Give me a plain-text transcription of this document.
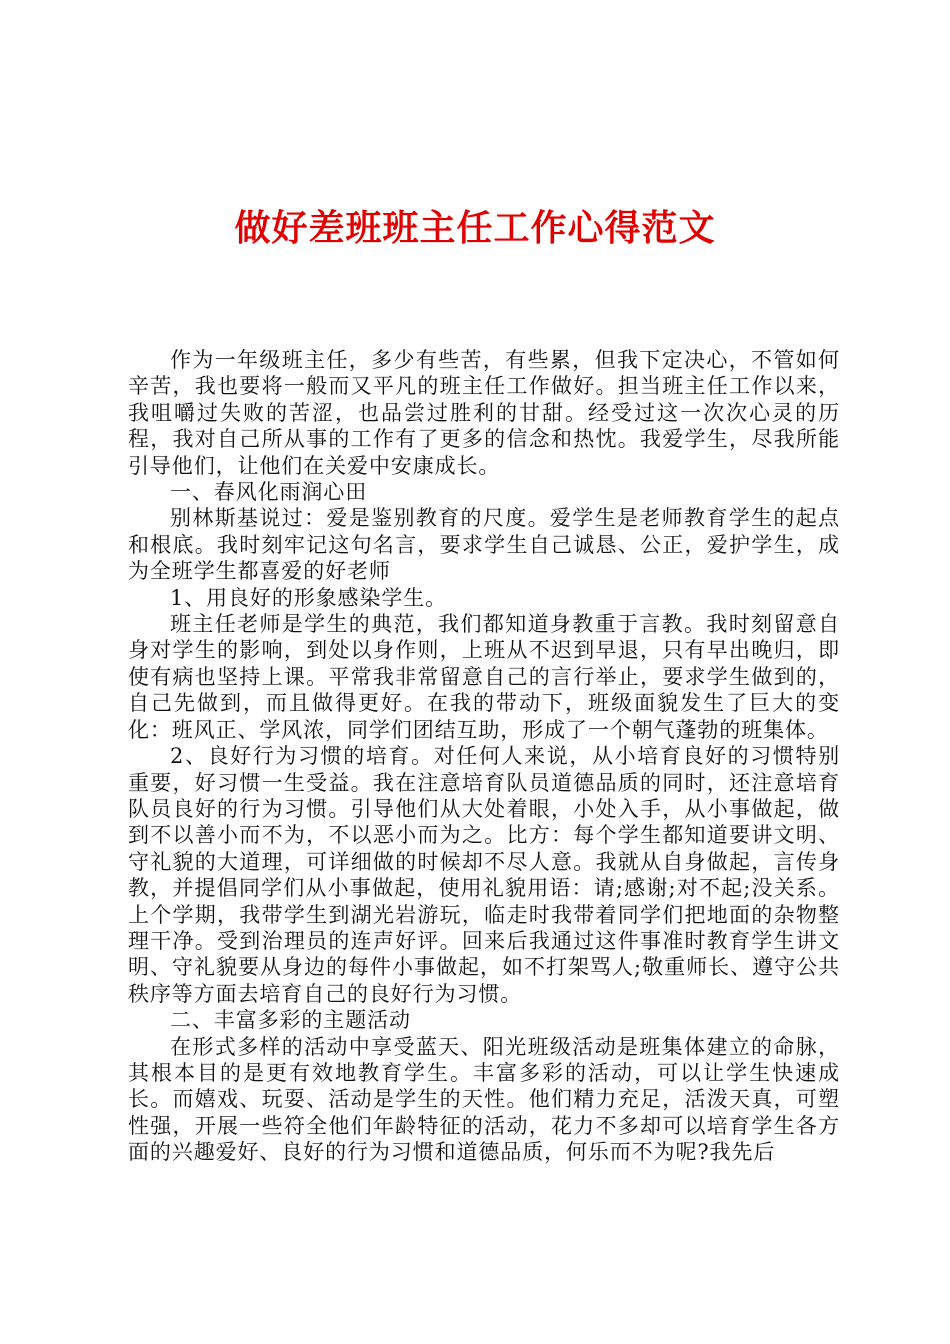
做好差班班主任工作心得范文

作为一年级班主任，多少有些苦，有些累，但我下定决心，不管如何辛苦，我也要将一般而又平凡的班主任工作做好。担当班主任工作以来，我咀嚼过失败的苦涩，也品尝过胜利的甘甜。经受过这一次次心灵的历程，我对自己所从事的工作有了更多的信念和热忱。我爱学生，尽我所能引导他们，让他们在关爱中安康成长。

一、春风化雨润心田

别林斯基说过：爱是鉴别教育的尺度。爱学生是老师教育学生的起点和根底。我时刻牢记这句名言，要求学生自己诚恳、公正，爱护学生，成为全班学生都喜爱的好老师

1、用良好的形象感染学生。

班主任老师是学生的典范，我们都知道身教重于言教。我时刻留意自身对学生的影响，到处以身作则，上班从不迟到早退，只有早出晚归，即使有病也坚持上课。平常我非常留意自己的言行举止，要求学生做到的，自己先做到，而且做得更好。在我的带动下，班级面貌发生了巨大的变化：班风正、学风浓，同学们团结互助，形成了一个朝气蓬勃的班集体。

2、良好行为习惯的培育。对任何人来说，从小培育良好的习惯特别重要，好习惯一生受益。我在注意培育队员道德品质的同时，还注意培育队员良好的行为习惯。引导他们从大处着眼，小处入手，从小事做起，做到不以善小而不为，不以恶小而为之。比方：每个学生都知道要讲文明、守礼貌的大道理，可详细做的时候却不尽人意。我就从自身做起，言传身教，并提倡同学们从小事做起，使用礼貌用语：请;感谢;对不起;没关系。上个学期，我带学生到湖光岩游玩，临走时我带着同学们把地面的杂物整理干净。受到治理员的连声好评。回来后我通过这件事准时教育学生讲文明、守礼貌要从身边的每件小事做起，如不打架骂人;敬重师长、遵守公共秩序等方面去培育自己的良好行为习惯。

二、丰富多彩的主题活动

在形式多样的活动中享受蓝天、阳光班级活动是班集体建立的命脉，其根本目的是更有效地教育学生。丰富多彩的活动，可以让学生快速成长。而嬉戏、玩耍、活动是学生的天性。他们精力充足，活泼天真，可塑性强，开展一些符全他们年龄特征的活动，花力不多却可以培育学生各方面的兴趣爱好、良好的行为习惯和道德品质，何乐而不为呢?我先后
